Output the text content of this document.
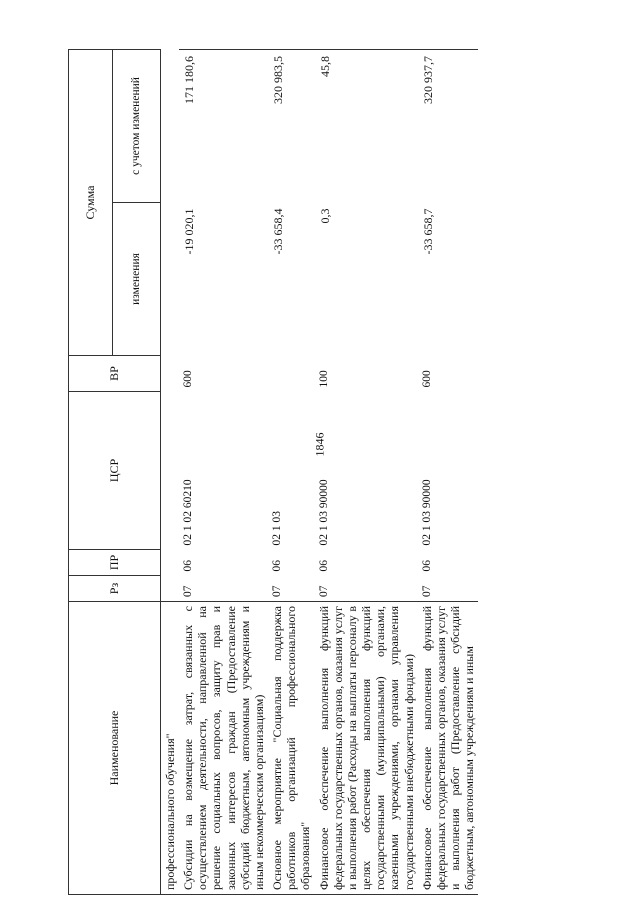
1846
Наименование	Рз	ПР	ЦСР	ВР	Сумма	
					изменения	с учетом изменений
профессионального обучения"						
Субсидии на возмещение затрат, связанных с осуществлением деятельности, направленной на решение социальных вопросов, защиту прав и законных интересов граждан (Предоставление субсидий бюджетным, автономным учреждениям и иным некоммерческим организациям)	07	06	02 1 02 60210	600	-19 020,1	171 180,6
Основное мероприятие "Социальная поддержка работников организаций профессионального образования"	07	06	02 1 03		-33 658,4	320 983,5
Финансовое обеспечение выполнения функций федеральных государственных органов, оказания услуг и выполнения работ (Расходы на выплаты персоналу в целях обеспечения выполнения функций государственными (муниципальными) органами, казенными учреждениями, органами управления государственными внебюджетными фондами)	07	06	02 1 03 90000	100	0,3	45,8
Финансовое обеспечение выполнения функций федеральных государственных органов, оказания услуг и выполнения работ (Предоставление субсидий бюджетным, автономным учреждениям и иным	07	06	02 1 03 90000	600	-33 658,7	320 937,7
